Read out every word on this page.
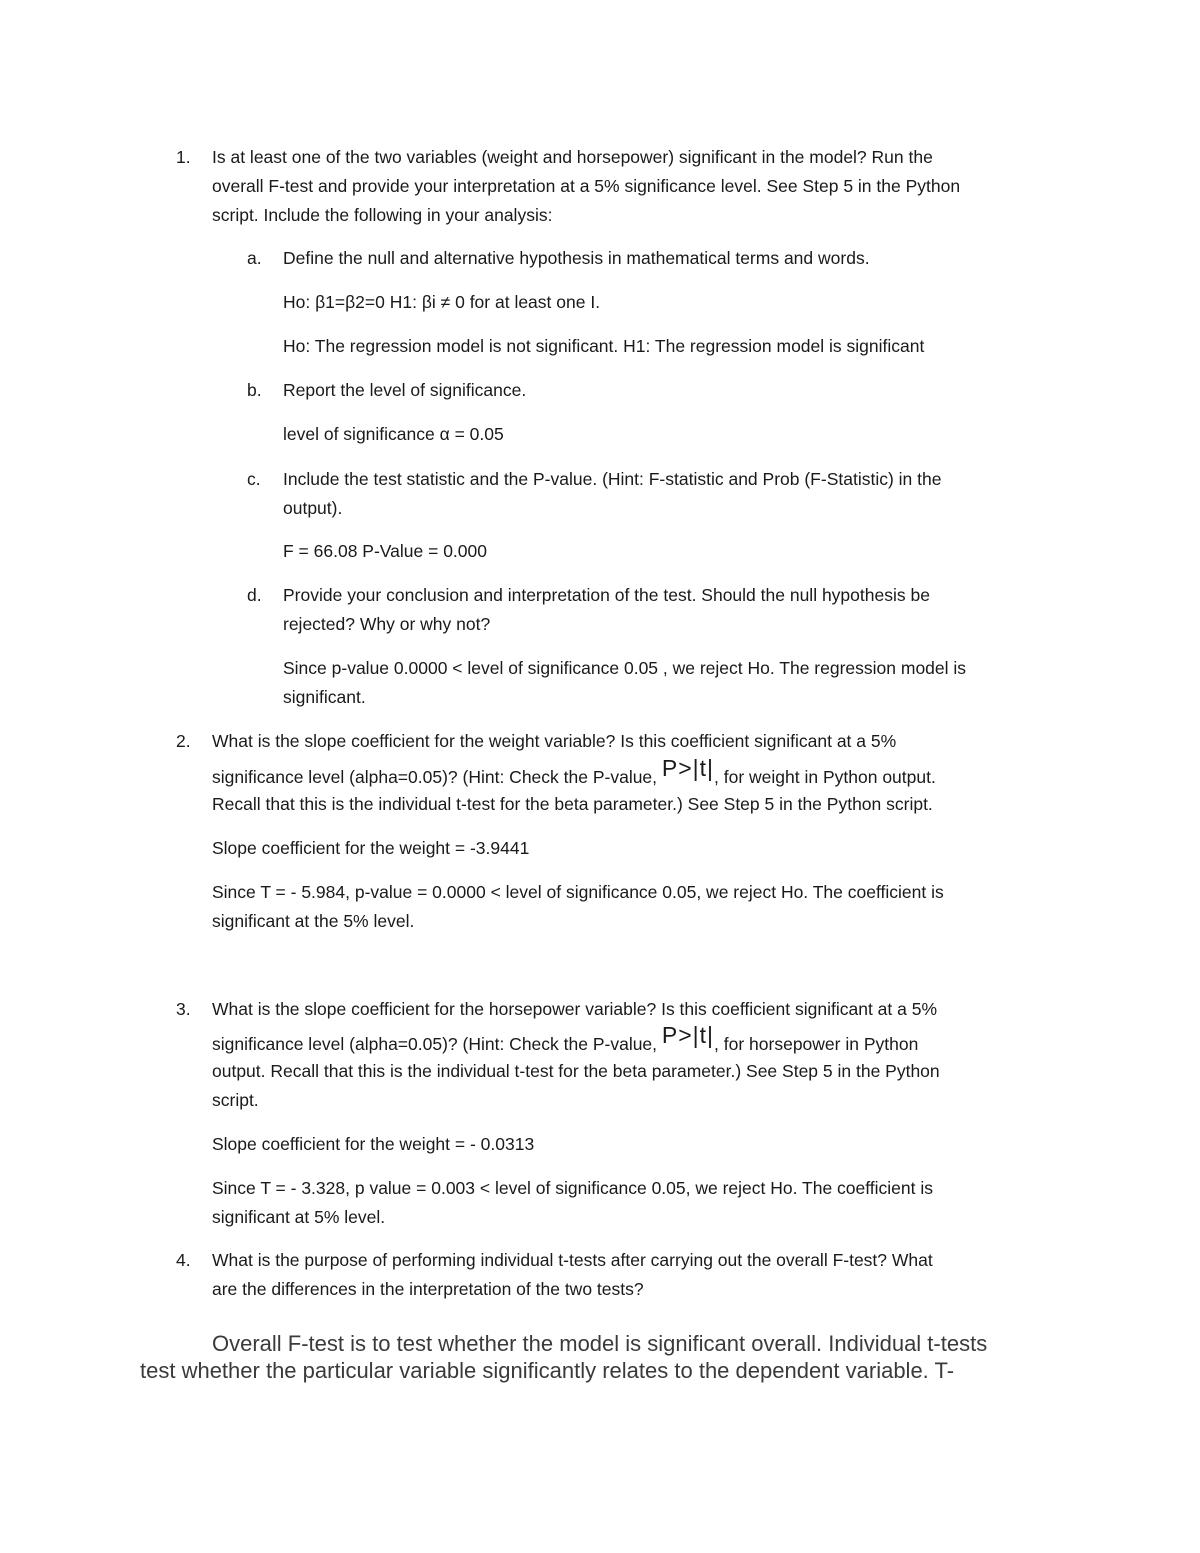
1. Is at least one of the two variables (weight and horsepower) significant in the model? Run the
overall F-test and provide your interpretation at a 5% significance level. See Step 5 in the Python
script. Include the following in your analysis:
a. Define the null and alternative hypothesis in mathematical terms and words.
Ho: β1=β2=0 H1: βi ≠ 0 for at least one I.
Ho: The regression model is not significant. H1: The regression model is significant
b. Report the level of significance.
level of significance α = 0.05
c. Include the test statistic and the P-value. (Hint: F-statistic and Prob (F-Statistic) in the
output).
F = 66.08 P-Value = 0.000
d. Provide your conclusion and interpretation of the test. Should the null hypothesis be
rejected? Why or why not?
Since p-value 0.0000 < level of significance 0.05 , we reject Ho. The regression model is
significant.
2. What is the slope coefficient for the weight variable? Is this coefficient significant at a 5%
significance level (alpha=0.05)? (Hint: Check the P-value, P>|t|, for weight in Python output.
Recall that this is the individual t-test for the beta parameter.) See Step 5 in the Python script.
Slope coefficient for the weight = -3.9441
Since T = - 5.984, p-value = 0.0000 < level of significance 0.05, we reject Ho. The coefficient is
significant at the 5% level.
3. What is the slope coefficient for the horsepower variable? Is this coefficient significant at a 5%
significance level (alpha=0.05)? (Hint: Check the P-value, P>|t|, for horsepower in Python
output. Recall that this is the individual t-test for the beta parameter.) See Step 5 in the Python
script.
Slope coefficient for the weight = - 0.0313
Since T = - 3.328, p value = 0.003 < level of significance 0.05, we reject Ho. The coefficient is
significant at 5% level.
4. What is the purpose of performing individual t-tests after carrying out the overall F-test? What
are the differences in the interpretation of the two tests?
Overall F-test is to test whether the model is significant overall. Individual t-tests
test whether the particular variable significantly relates to the dependent variable. T-
